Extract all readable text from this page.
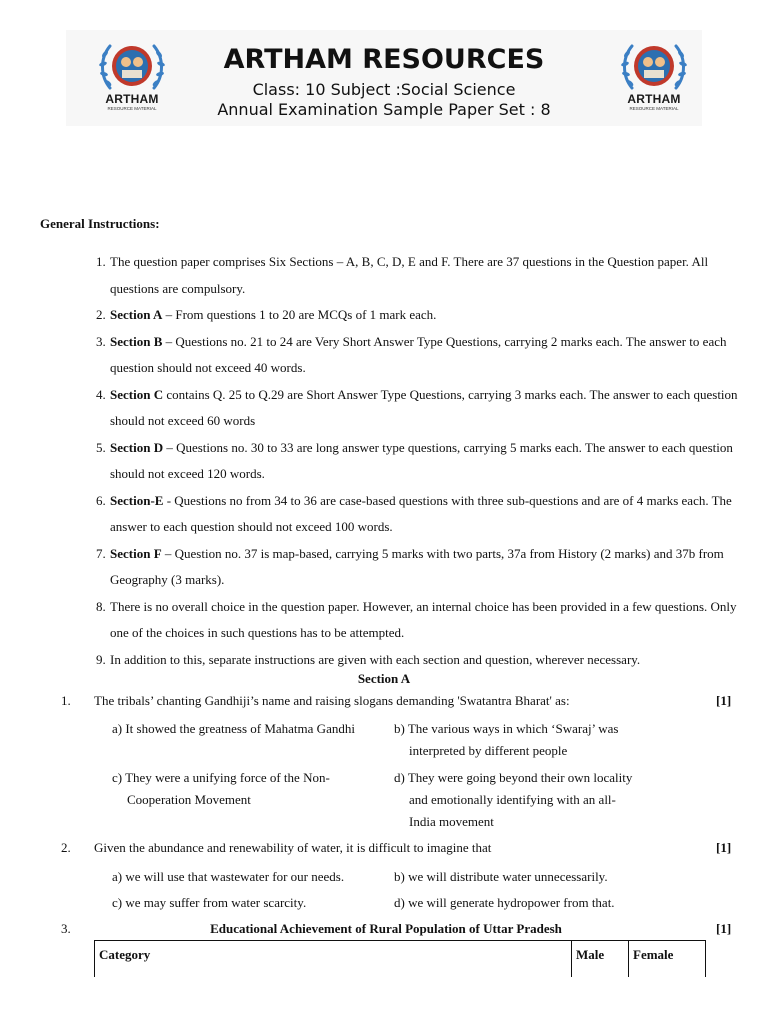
ARTHAM
RESOURCE MATERIAL
ARTHAM RESOURCES
Class: 10 Subject :Social Science
Annual Examination Sample Paper Set : 8
ARTHAM
RESOURCE MATERIAL
General Instructions:
1. The question paper comprises Six Sections – A, B, C, D, E and F. There are 37 questions in the Question paper. All questions are compulsory.
2. Section A – From questions 1 to 20 are MCQs of 1 mark each.
3. Section B – Questions no. 21 to 24 are Very Short Answer Type Questions, carrying 2 marks each. The answer to each question should not exceed 40 words.
4. Section C contains Q. 25 to Q.29 are Short Answer Type Questions, carrying 3 marks each. The answer to each question should not exceed 60 words
5. Section D – Questions no. 30 to 33 are long answer type questions, carrying 5 marks each. The answer to each question should not exceed 120 words.
6. Section-E - Questions no from 34 to 36 are case-based questions with three sub-questions and are of 4 marks each. The answer to each question should not exceed 100 words.
7. Section F – Question no. 37 is map-based, carrying 5 marks with two parts, 37a from History (2 marks) and 37b from Geography (3 marks).
8. There is no overall choice in the question paper. However, an internal choice has been provided in a few questions. Only one of the choices in such questions has to be attempted.
9. In addition to this, separate instructions are given with each section and question, wherever necessary.
Section A
1. The tribals’ chanting Gandhiji’s name and raising slogans demanding 'Swatantra Bharat' as:	[1]
a) It showed the greatness of Mahatma Gandhi	b) The various ways in which ‘Swaraj’ was
interpreted by different people
c) They were a unifying force of the Non-
Cooperation Movement
d) They were going beyond their own locality
and emotionally identifying with an all-
India movement
2. Given the abundance and renewability of water, it is difficult to imagine that	[1]
a) we will use that wastewater for our needs.	b) we will distribute water unnecessarily.
c) we may suffer from water scarcity.	d) we will generate hydropower from that.
3.	Educational Achievement of Rural Population of Uttar Pradesh	[1]
Category	Male	Female
